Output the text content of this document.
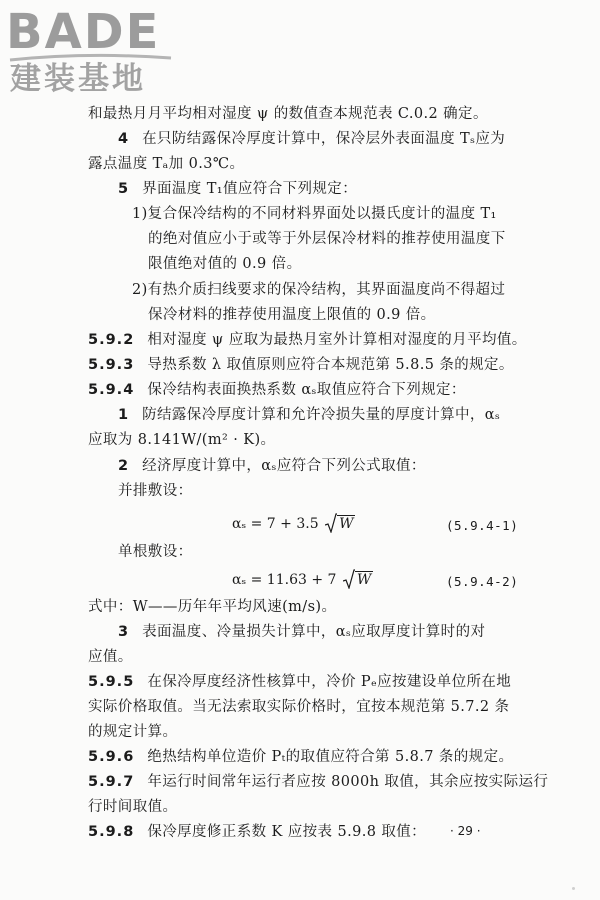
BADE
建装基地
和最热月月平均相对湿度 ψ 的数值查本规范表 C.0.2 确定。
4 在只防结露保冷厚度计算中，保冷层外表面温度 Tₛ应为
露点温度 Tₐ加 0.3℃。
5 界面温度 T₁值应符合下列规定：
1)复合保冷结构的不同材料界面处以摄氏度计的温度 T₁
的绝对值应小于或等于外层保冷材料的推荐使用温度下
限值绝对值的 0.9 倍。
2)有热介质扫线要求的保冷结构，其界面温度尚不得超过
保冷材料的推荐使用温度上限值的 0.9 倍。
5.9.2 相对湿度 ψ 应取为最热月室外计算相对湿度的月平均值。
5.9.3 导热系数 λ 取值原则应符合本规范第 5.8.5 条的规定。
5.9.4 保冷结构表面换热系数 αₛ取值应符合下列规定：
1 防结露保冷厚度计算和允许冷损失量的厚度计算中，αₛ
应取为 8.141W/(m² · K)。
2 经济厚度计算中，αₛ应符合下列公式取值：
并排敷设：
αₛ = 7 + 3.5 W	(5.9.4-1)
单根敷设：
αₛ = 11.63 + 7 W	(5.9.4-2)
式中：W——历年年平均风速(m/s)。
3 表面温度、冷量损失计算中，αₛ应取厚度计算时的对
应值。
5.9.5 在保冷厚度经济性核算中，冷价 Pₑ应按建设单位所在地
实际价格取值。当无法索取实际价格时，宜按本规范第 5.7.2 条
的规定计算。
5.9.6 绝热结构单位造价 Pₜ的取值应符合第 5.8.7 条的规定。
5.9.7 年运行时间常年运行者应按 8000h 取值，其余应按实际运行
行时间取值。
5.9.8 保冷厚度修正系数 K 应按表 5.9.8 取值： · 29 ·
